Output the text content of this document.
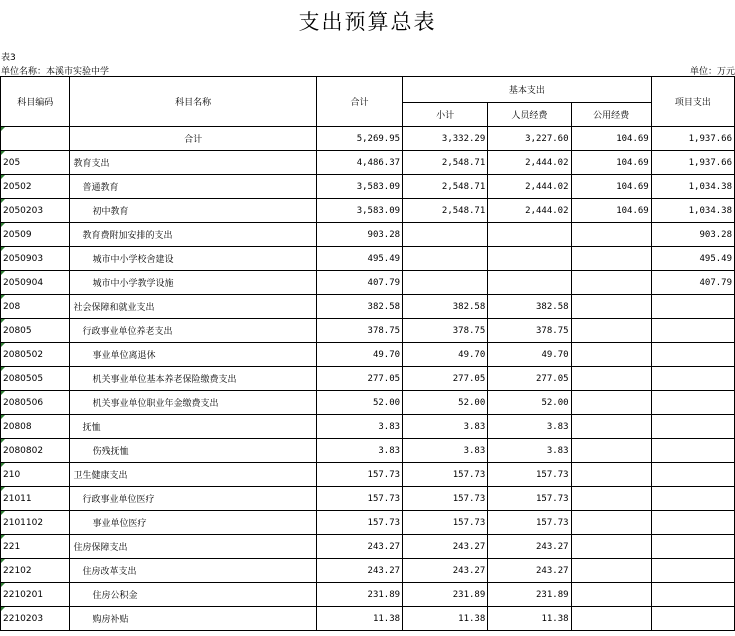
支出预算总表
表3
单位名称：本溪市实验中学	单位：万元
科目编码	科目名称	合计	基本支出			项目支出
			小计	人员经费	公用经费	
	合计	5,269.95	3,332.29	3,227.60	104.69	1,937.66
205	教育支出	4,486.37	2,548.71	2,444.02	104.69	1,937.66
20502	普通教育	3,583.09	2,548.71	2,444.02	104.69	1,034.38
2050203	初中教育	3,583.09	2,548.71	2,444.02	104.69	1,034.38
20509	教育费附加安排的支出	903.28				903.28
2050903	城市中小学校舍建设	495.49				495.49
2050904	城市中小学教学设施	407.79				407.79
208	社会保障和就业支出	382.58	382.58	382.58		
20805	行政事业单位养老支出	378.75	378.75	378.75		
2080502	事业单位离退休	49.70	49.70	49.70		
2080505	机关事业单位基本养老保险缴费支出	277.05	277.05	277.05		
2080506	机关事业单位职业年金缴费支出	52.00	52.00	52.00		
20808	抚恤	3.83	3.83	3.83		
2080802	伤残抚恤	3.83	3.83	3.83		
210	卫生健康支出	157.73	157.73	157.73		
21011	行政事业单位医疗	157.73	157.73	157.73		
2101102	事业单位医疗	157.73	157.73	157.73		
221	住房保障支出	243.27	243.27	243.27		
22102	住房改革支出	243.27	243.27	243.27		
2210201	住房公积金	231.89	231.89	231.89		
2210203	购房补贴	11.38	11.38	11.38		
